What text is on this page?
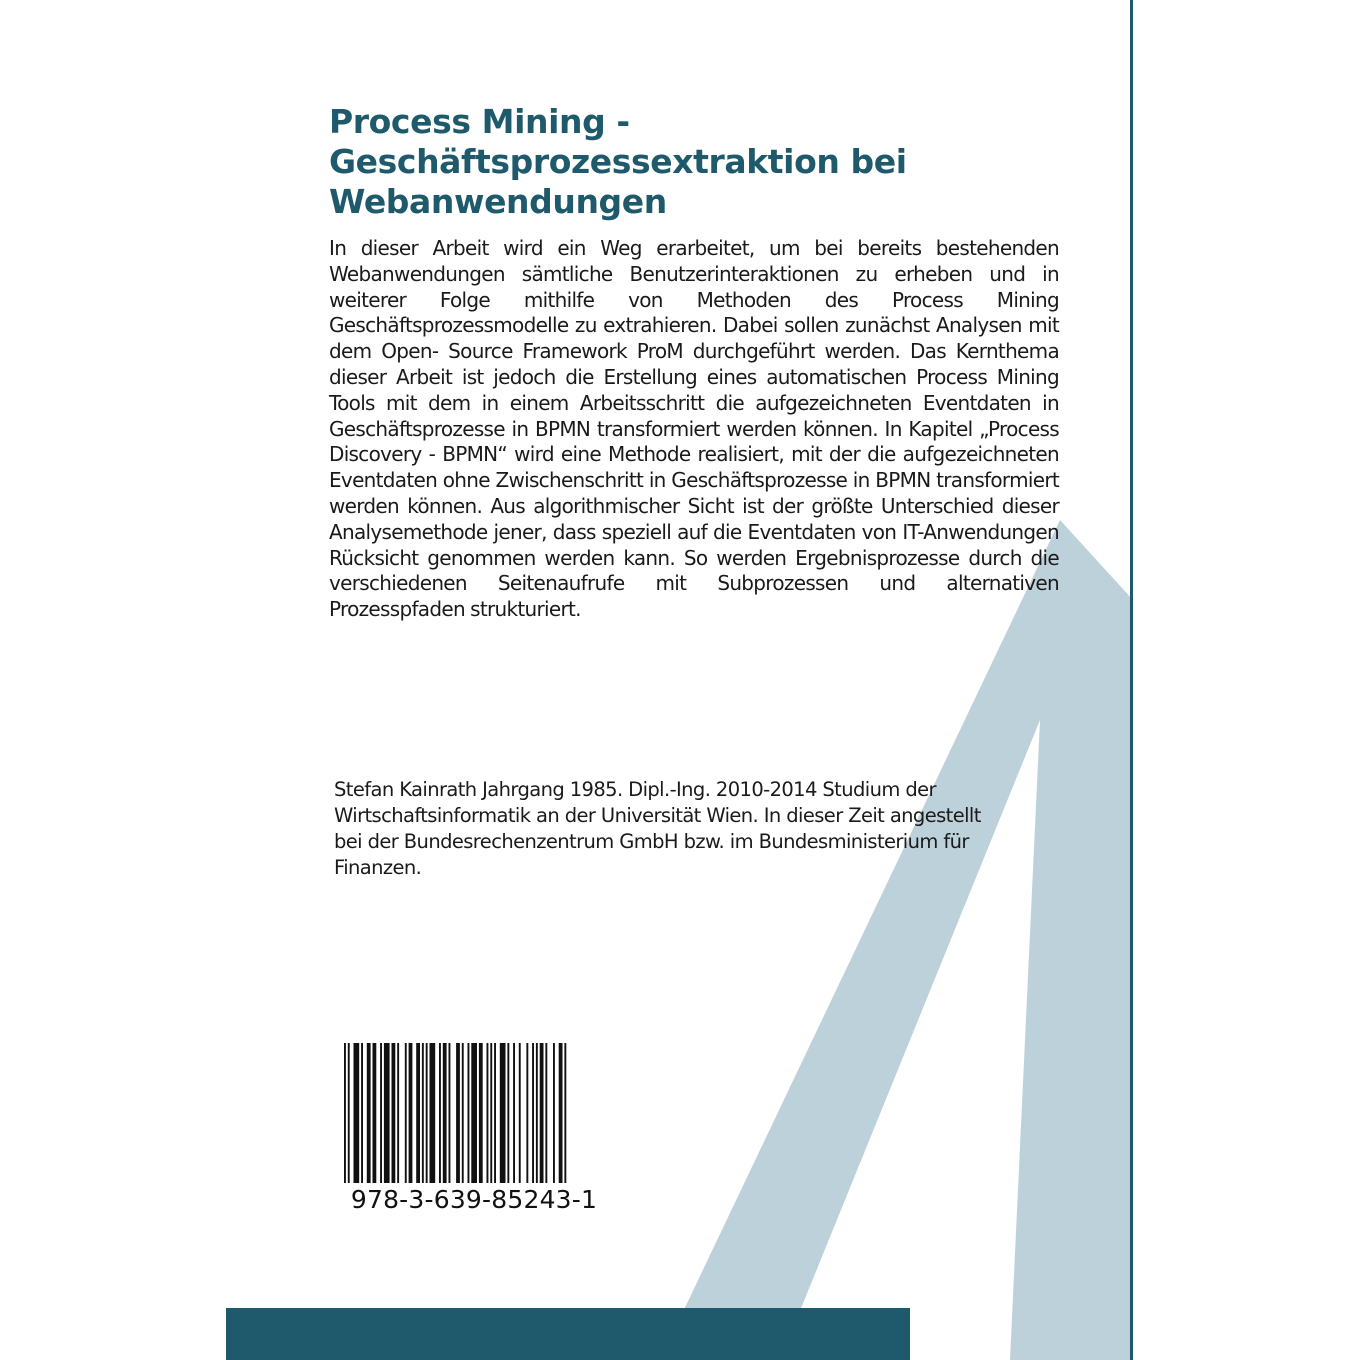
Process Mining -
Geschäftsprozessextraktion bei
Webanwendungen

In dieser Arbeit wird ein Weg erarbeitet, um bei bereits bestehenden Webanwendungen sämtliche Benutzerinteraktionen zu erheben und in weiterer Folge mithilfe von Methoden des Process Mining Geschäftsprozessmodelle zu extrahieren. Dabei sollen zunächst Analysen mit dem Open- Source Framework ProM durchgeführt werden. Das Kernthema dieser Arbeit ist jedoch die Erstellung eines automatischen Process Mining Tools mit dem in einem Arbeitsschritt die aufgezeichneten Eventdaten in Geschäftsprozesse in BPMN transformiert werden können. In Kapitel „Process Discovery - BPMN“ wird eine Methode realisiert, mit der die aufgezeichneten Eventdaten ohne Zwischenschritt in Geschäftsprozesse in BPMN transformiert werden können. Aus algorithmischer Sicht ist der größte Unterschied dieser Analysemethode jener, dass speziell auf die Eventdaten von IT-Anwendungen Rücksicht genommen werden kann. So werden Ergebnisprozesse durch die verschiedenen Seitenaufrufe mit Subprozessen und alternativen Prozesspfaden strukturiert.

Stefan Kainrath Jahrgang 1985. Dipl.-Ing. 2010-2014 Studium der
Wirtschaftsinformatik an der Universität Wien. In dieser Zeit angestellt
bei der Bundesrechenzentrum GmbH bzw. im Bundesministerium für
Finanzen.

978-3-639-85243-1
